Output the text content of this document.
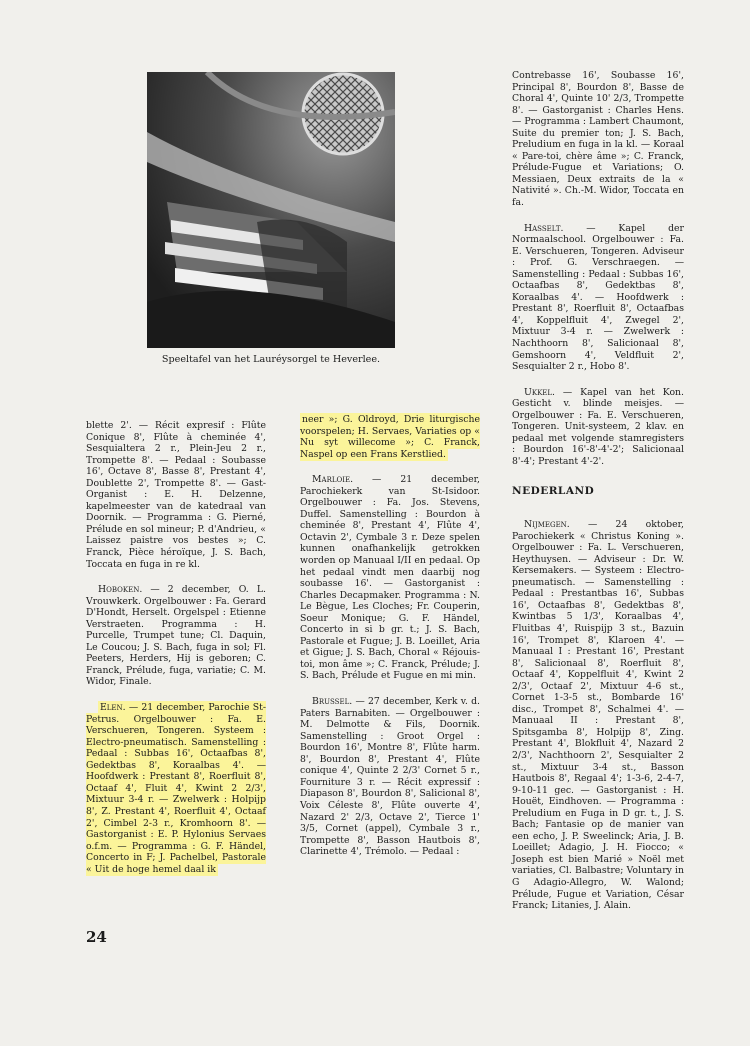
Speeltafel van het Lauréysorgel te Heverlee.

blette 2'. — Récit expresif : Flûte Conique 8', Flûte à cheminée 4', Sesquialtera 2 r., Plein-Jeu 2 r., Trompette 8'. — Pedaal : Soubasse 16', Octave 8', Basse 8', Prestant 4', Doublette 2', Trompette 8'. — Gast-Organist : E. H. Delzenne, kapelmeester van de katedraal van Doornik. — Programma : G. Pierné, Prélude en sol mineur; P. d'Andrieu, « Laissez paistre vos bestes »; C. Franck, Pièce héroïque, J. S. Bach, Toccata en fuga in re kl.

Hoboken. — 2 december, O. L. Vrouwkerk. Orgelbouwer : Fa. Gerard D'Hondt, Herselt. Orgelspel : Etienne Verstraeten. Programma : H. Purcelle, Trumpet tune; Cl. Daquin, Le Coucou; J. S. Bach, fuga in sol; Fl. Peeters, Herders, Hij is geboren; C. Franck, Prélude, fuga, variatie; C. M. Widor, Finale.

Elen. — 21 december, Parochie St-Petrus. Orgelbouwer : Fa. E. Verschueren, Tongeren. Systeem : Electro-pneumatisch. Samenstelling : Pedaal : Subbas 16', Octaafbas 8', Gedektbas 8', Koraalbas 4'. — Hoofdwerk : Prestant 8', Roerfluit 8', Octaaf 4', Fluit 4', Kwint 2 2/3', Mixtuur 3-4 r. — Zwelwerk : Holpijp 8', Z. Prestant 4', Roerfluit 4', Octaaf 2', Cimbel 2-3 r., Kromhoorn 8'. — Gastorganist : E. P. Hylonius Servaes o.f.m. — Programma : G. F. Händel, Concerto in F; J. Pachelbel, Pastorale « Uit de hoge hemel daal ik

neer »; G. Oldroyd, Drie liturgische voorspelen; H. Servaes, Variaties op « Nu syt willecome »; C. Franck, Naspel op een Frans Kerstlied.

Marloie. — 21 december, Parochiekerk van St-Isidoor. Orgelbouwer : Fa. Jos. Stevens, Duffel. Samenstelling : Bourdon à cheminée 8', Prestant 4', Flûte 4', Octavin 2', Cymbale 3 r. Deze spelen kunnen onafhankelijk getrokken worden op Manuaal I/II en pedaal. Op het pedaal vindt men daarbij nog soubasse 16'. — Gastorganist : Charles Decapmaker. Programma : N. Le Bègue, Les Cloches; Fr. Couperin, Soeur Monique; G. F. Händel, Concerto in si b gr. t.; J. S. Bach, Pastorale et Fugue; J. B. Loeillet, Aria et Gigue; J. S. Bach, Choral « Réjouis-toi, mon âme »; C. Franck, Prélude; J. S. Bach, Prélude et Fugue en mi min.

Brussel. — 27 december, Kerk v. d. Paters Barnabiten. — Orgelbouwer : M. Delmotte & Fils, Doornik. Samenstelling : Groot Orgel : Bourdon 16', Montre 8', Flûte harm. 8', Bourdon 8', Prestant 4', Flûte conique 4', Quinte 2 2/3' Cornet 5 r., Fourniture 3 r. — Récit expressif : Diapason 8', Bourdon 8', Salicional 8', Voix Céleste 8', Flûte ouverte 4', Nazard 2' 2/3, Octave 2', Tierce 1' 3/5, Cornet (appel), Cymbale 3 r., Trompette 8', Basson Hautbois 8', Clarinette 4', Trémolo. — Pedaal :

Contrebasse 16', Soubasse 16', Principal 8', Bourdon 8', Basse de Choral 4', Quinte 10' 2/3, Trompette 8'. — Gastorganist : Charles Hens. — Programma : Lambert Chaumont, Suite du premier ton; J. S. Bach, Preludium en fuga in la kl. — Koraal « Pare-toi, chère âme »; C. Franck, Prélude-Fugue et Variations; O. Messiaen, Deux extraits de la « Nativité ». Ch.-M. Widor, Toccata en fa.

Hasselt. — Kapel der Normaalschool. Orgelbouwer : Fa. E. Verschueren, Tongeren. Adviseur : Prof. G. Verschraegen. — Samenstelling : Pedaal : Subbas 16', Octaafbas 8', Gedektbas 8', Koraalbas 4'. — Hoofdwerk : Prestant 8', Roerfluit 8', Octaafbas 4', Koppelfluit 4', Zwegel 2', Mixtuur 3-4 r. — Zwelwerk : Nachthoorn 8', Salicionaal 8', Gemshoorn 4', Veldfluit 2', Sesquialter 2 r., Hobo 8'.

Ukkel. — Kapel van het Kon. Gesticht v. blinde meisjes. — Orgelbouwer : Fa. E. Verschueren, Tongeren. Unit-systeem, 2 klav. en pedaal met volgende stamregisters : Bourdon 16'-8'-4'-2'; Salicionaal 8'-4'; Prestant 4'-2'.

NEDERLAND

Nijmegen. — 24 oktober, Parochiekerk « Christus Koning ». Orgelbouwer : Fa. L. Verschueren, Heythuysen. — Adviseur : Dr. W. Kersemakers. — Systeem : Electro-pneumatisch. — Samenstelling : Pedaal : Prestantbas 16', Subbas 16', Octaafbas 8', Gedektbas 8', Kwintbas 5 1/3', Koraalbas 4', Fluitbas 4', Ruispijp 3 st., Bazuin 16', Trompet 8', Klaroen 4'. — Manuaal I : Prestant 16', Prestant 8', Salicionaal 8', Roerfluit 8', Octaaf 4', Koppelfluit 4', Kwint 2 2/3', Octaaf 2', Mixtuur 4-6 st., Cornet 1-3-5 st., Bombarde 16' disc., Trompet 8', Schalmei 4'. — Manuaal II : Prestant 8', Spitsgamba 8', Holpijp 8', Zing. Prestant 4', Blokfluit 4', Nazard 2 2/3', Nachthoorn 2', Sesquialter 2 st., Mixtuur 3-4 st., Basson Hautbois 8', Regaal 4'; 1-3-6, 2-4-7, 9-10-11 gec. — Gastorganist : H. Houët, Eindhoven. — Programma : Preludium en Fuga in D gr. t., J. S. Bach; Fantasie op de manier van een echo, J. P. Sweelinck; Aria, J. B. Loeillet; Adagio, J. H. Fiocco; « Joseph est bien Marié » Noël met variaties, Cl. Balbastre; Voluntary in G Adagio-Allegro, W. Walond; Prélude, Fugue et Variation, César Franck; Litanies, J. Alain.

24
